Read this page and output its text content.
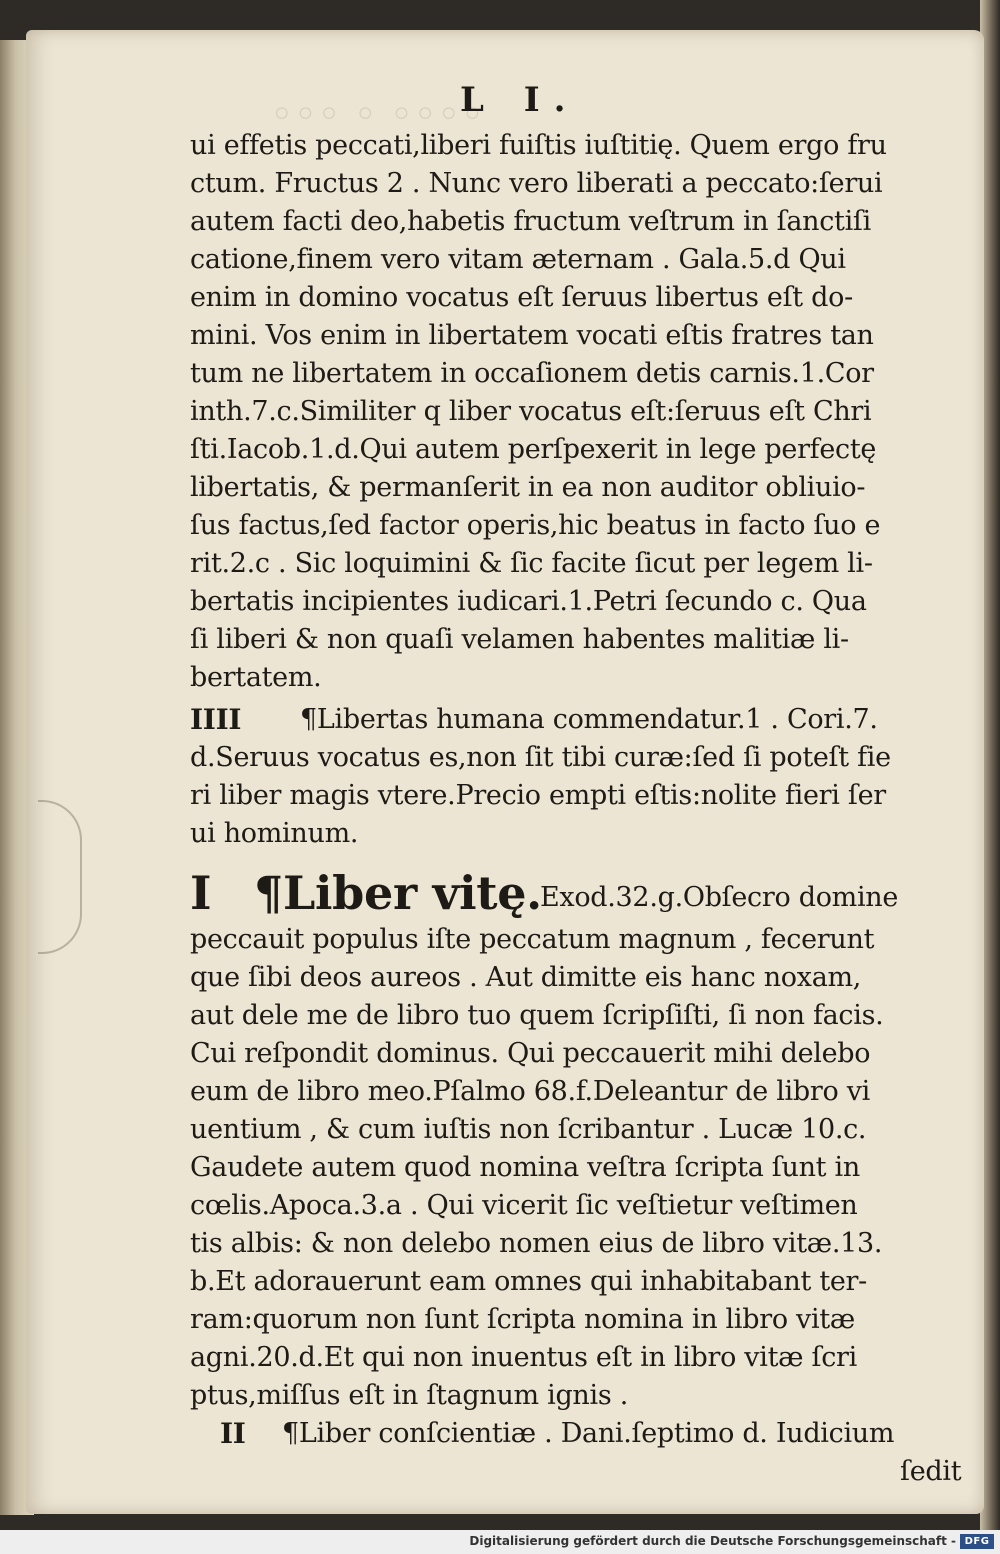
◦◦◦ ◦ ◦◦◦◦
L I.
ui effetis peccati,liberi fuiſtis iuſtitię. Quem ergo fru
ctum. Fructus 2 . Nunc vero liberati a peccato:ſerui
autem facti deo,habetis fructum veſtrum in ſanctiſi
catione,finem vero vitam æternam . Gala.5.d Qui
enim in domino vocatus eſt ſeruus libertus eſt do-
mini. Vos enim in libertatem vocati eſtis fratres tan
tum ne libertatem in occaſionem detis carnis.1.Cor
inth.7.c.Similiter q liber vocatus eſt:ſeruus eſt Chri
ſti.Iacob.1.d.Qui autem perſpexerit in lege perfectę
libertatis, & permanſerit in ea non auditor obliuio-
ſus factus,ſed factor operis,hic beatus in facto ſuo e
rit.2.c . Sic loquimini & ſic facite ſicut per legem li-
bertatis incipientes iudicari.1.Petri ſecundo c. Qua
ſi liberi & non quaſi velamen habentes malitiæ li-
bertatem.
IIII ¶Libertas humana commendatur.1 . Cori.7.
d.Seruus vocatus es,non ſit tibi curæ:ſed ſi poteſt fie
ri liber magis vtere.Precio empti eſtis:nolite fieri ſer
ui hominum.
I ¶Liber vitę.
Exod.32.g.Obſecro domine
peccauit populus iſte peccatum magnum , fecerunt
que ſibi deos aureos . Aut dimitte eis hanc noxam,
aut dele me de libro tuo quem ſcripſiſti, ſi non facis.
Cui reſpondit dominus. Qui peccauerit mihi delebo
eum de libro meo.Pſalmo 68.f.Deleantur de libro vi
uentium , & cum iuſtis non ſcribantur . Lucæ 10.c.
Gaudete autem quod nomina veſtra ſcripta ſunt in
cœlis.Apoca.3.a . Qui vicerit ſic veſtietur veſtimen
tis albis: & non delebo nomen eius de libro vitæ.13.
b.Et adorauerunt eam omnes qui inhabitabant ter-
ram:quorum non ſunt ſcripta nomina in libro vitæ
agni.20.d.Et qui non inuentus eſt in libro vitæ ſcri
ptus,miſſus eſt in ſtagnum ignis .
II ¶Liber conſcientiæ . Dani.ſeptimo d. Iudicium
ſedit
Digitalisierung gefördert durch die Deutsche Forschungsgemeinschaft - DFG
